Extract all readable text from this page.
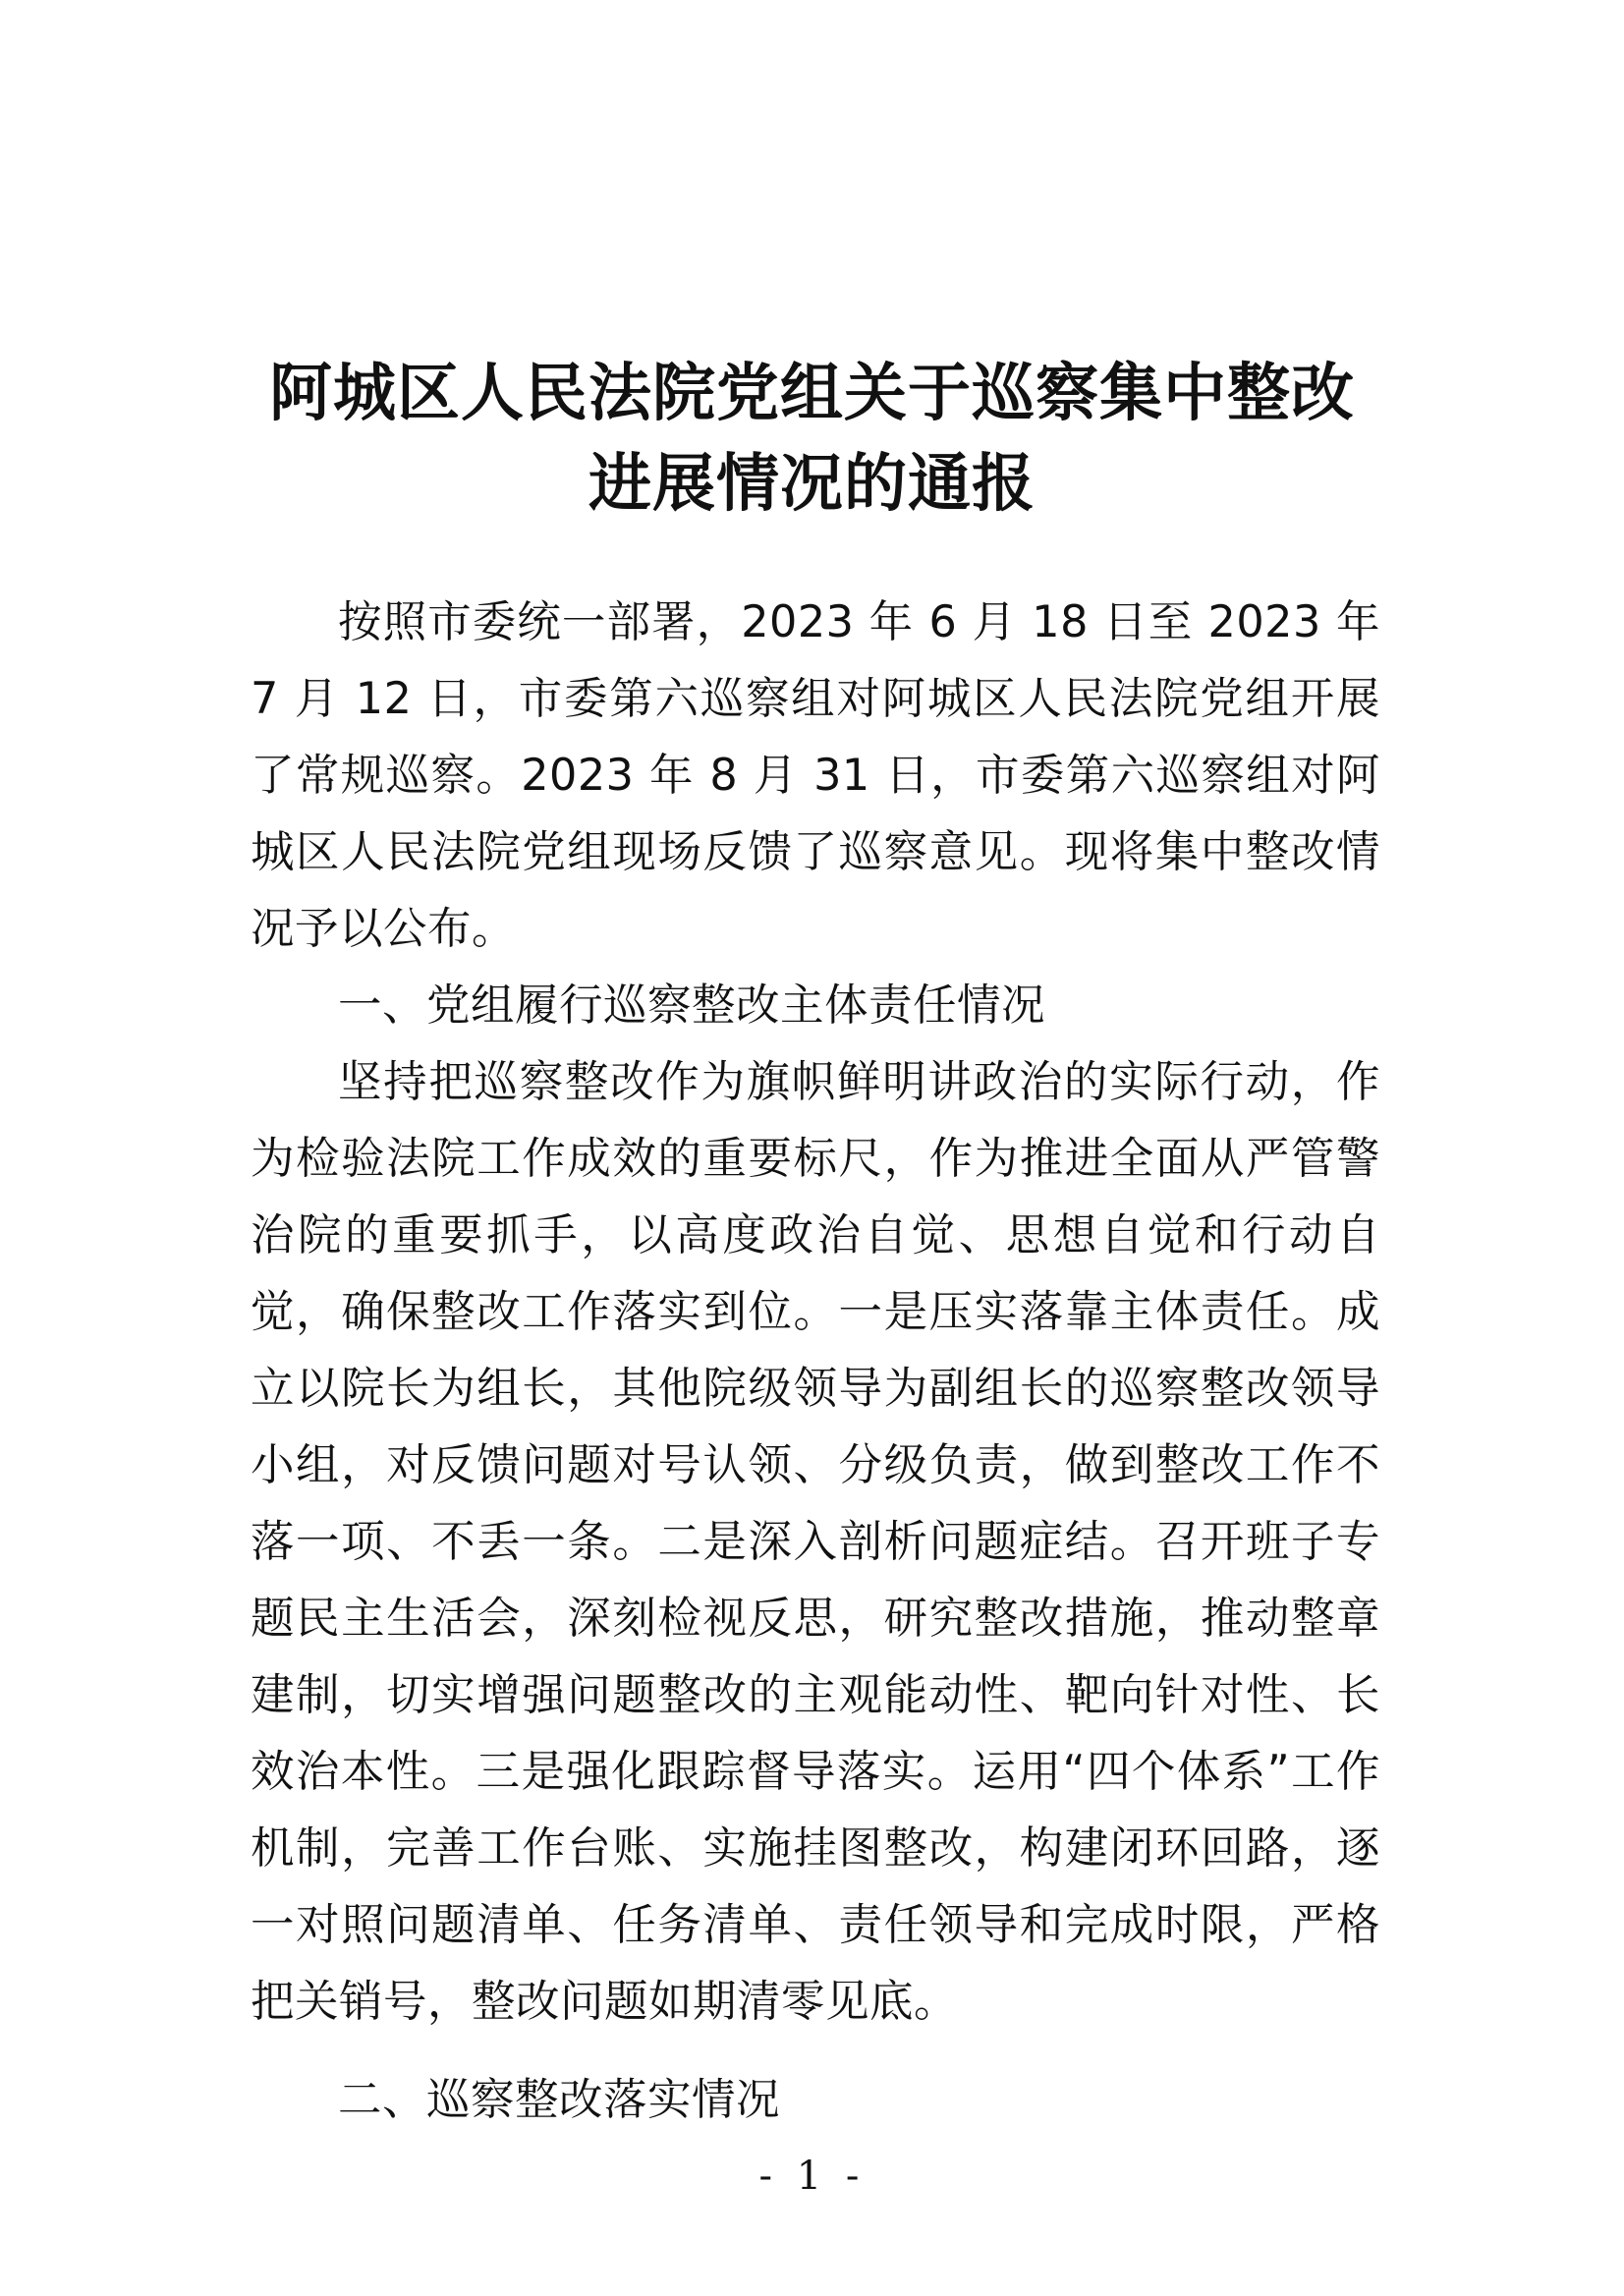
阿城区人民法院党组关于巡察集中整改
进展情况的通报

按照市委统一部署，2023 年 6 月 18 日至 2023 年 7 月 12 日，市委第六巡察组对阿城区人民法院党组开展了常规巡察。2023 年 8 月 31 日，市委第六巡察组对阿城区人民法院党组现场反馈了巡察意见。现将集中整改情况予以公布。

一、党组履行巡察整改主体责任情况

坚持把巡察整改作为旗帜鲜明讲政治的实际行动，作为检验法院工作成效的重要标尺，作为推进全面从严管警治院的重要抓手，以高度政治自觉、思想自觉和行动自觉，确保整改工作落实到位。一是压实落靠主体责任。成立以院长为组长，其他院级领导为副组长的巡察整改领导小组，对反馈问题对号认领、分级负责，做到整改工作不落一项、不丢一条。二是深入剖析问题症结。召开班子专题民主生活会，深刻检视反思，研究整改措施，推动整章建制，切实增强问题整改的主观能动性、靶向针对性、长效治本性。三是强化跟踪督导落实。运用“四个体系”工作机制，完善工作台账、实施挂图整改，构建闭环回路，逐一对照问题清单、任务清单、责任领导和完成时限，严格把关销号，整改问题如期清零见底。

二、巡察整改落实情况

- 1 -
